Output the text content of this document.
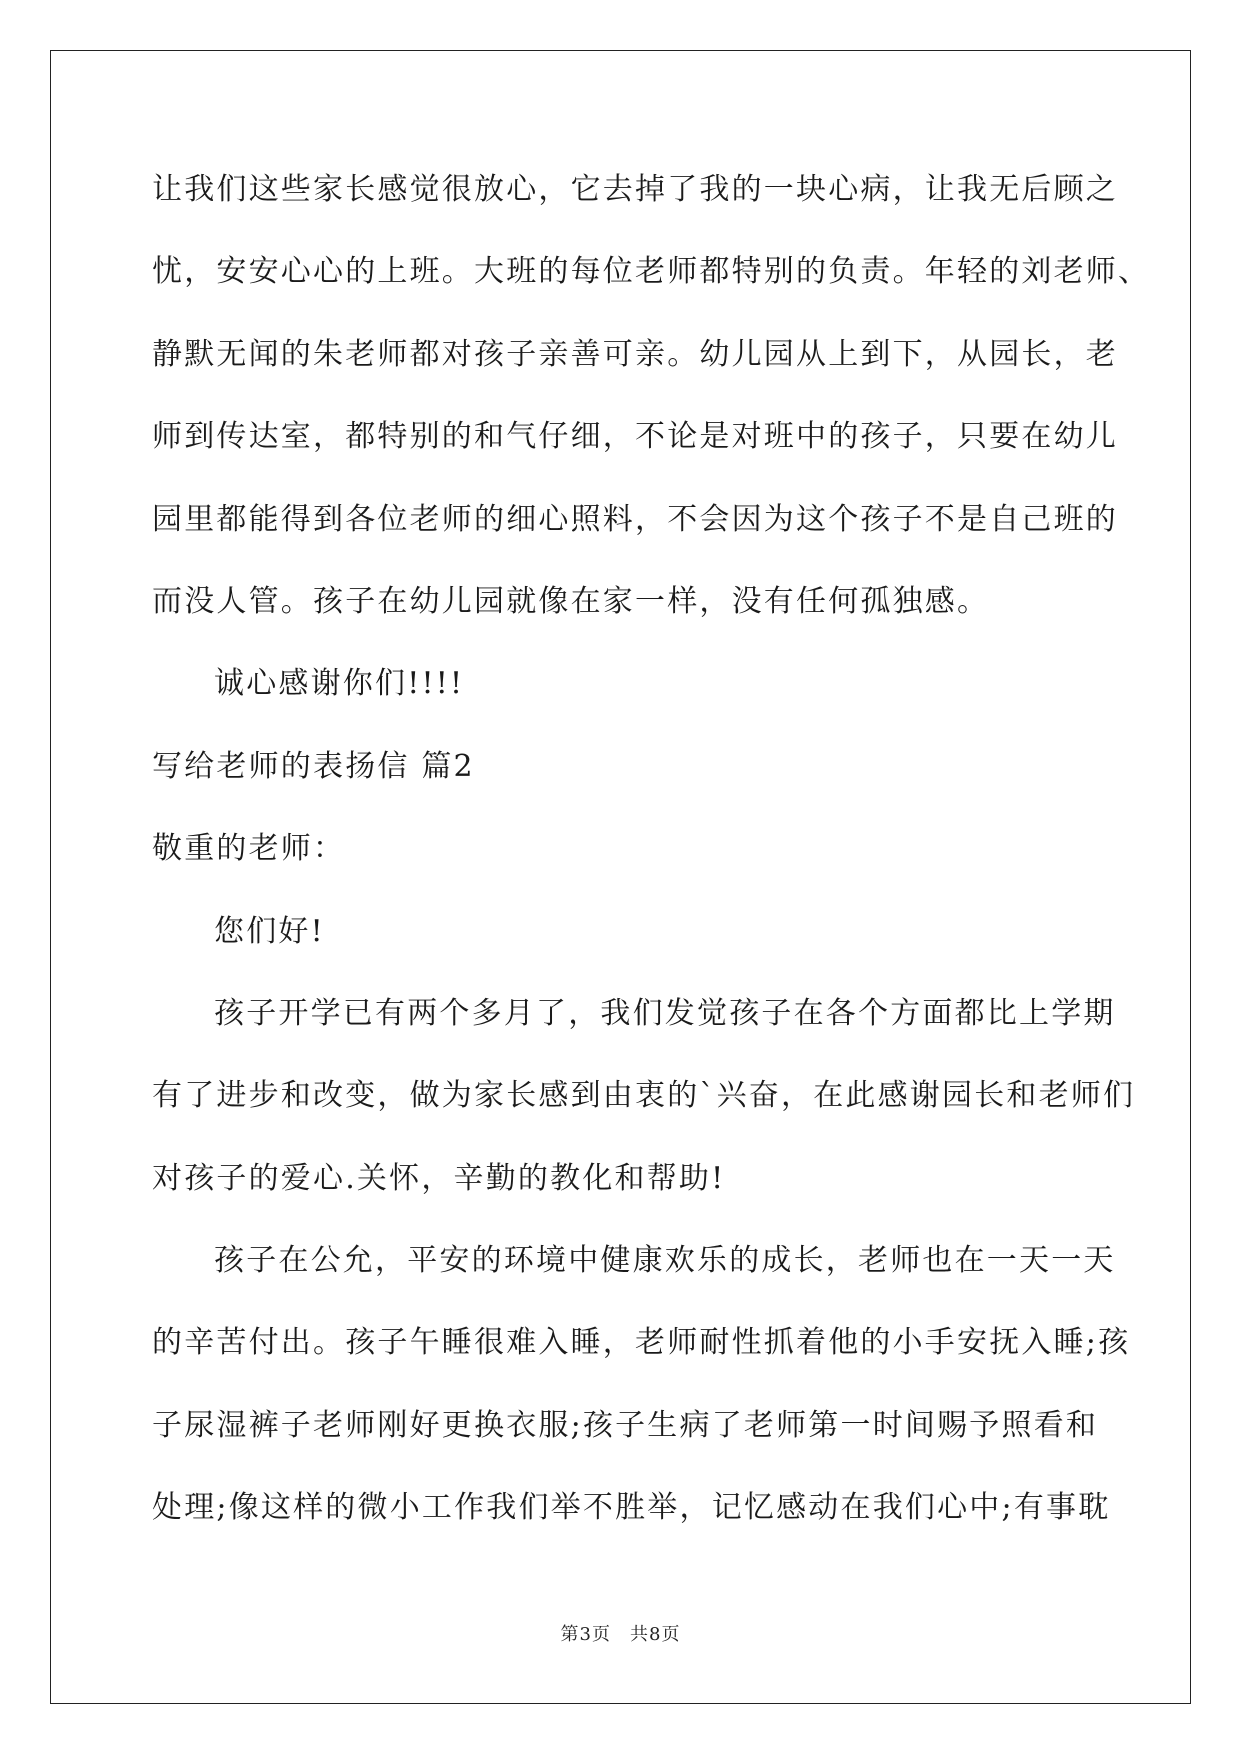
让我们这些家长感觉很放心，它去掉了我的一块心病，让我无后顾之
忧，安安心心的上班。大班的每位老师都特别的负责。年轻的刘老师、
静默无闻的朱老师都对孩子亲善可亲。幼儿园从上到下，从园长，老
师到传达室，都特别的和气仔细，不论是对班中的孩子，只要在幼儿
园里都能得到各位老师的细心照料，不会因为这个孩子不是自己班的
而没人管。孩子在幼儿园就像在家一样，没有任何孤独感。
诚心感谢你们!!!!
写给老师的表扬信 篇2
敬重的老师：
您们好!
孩子开学已有两个多月了，我们发觉孩子在各个方面都比上学期
有了进步和改变，做为家长感到由衷的`兴奋，在此感谢园长和老师们
对孩子的爱心.关怀，辛勤的教化和帮助!
孩子在公允，平安的环境中健康欢乐的成长，老师也在一天一天
的辛苦付出。孩子午睡很难入睡，老师耐性抓着他的小手安抚入睡;孩
子尿湿裤子老师刚好更换衣服;孩子生病了老师第一时间赐予照看和
处理;像这样的微小工作我们举不胜举，记忆感动在我们心中;有事耽
第3页　共8页
